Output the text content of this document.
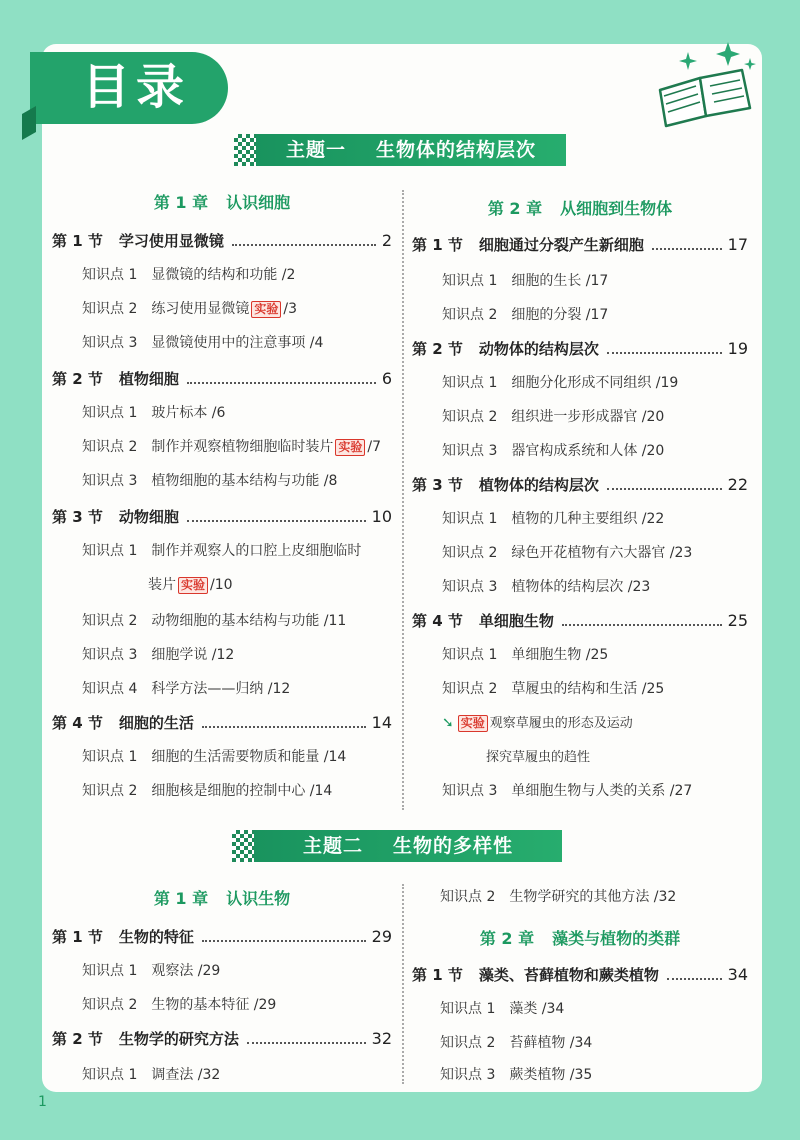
目录
主题一 生物体的结构层次
第 1 章 认识细胞
第 1 节 学习使用显微镜	2
知识点 1 显微镜的结构和功能 /2
知识点 2 练习使用显微镜 实验 /3
知识点 3 显微镜使用中的注意事项 /4
第 2 节 植物细胞	6
知识点 1 玻片标本 /6
知识点 2 制作并观察植物细胞临时装片 实验 /7
知识点 3 植物细胞的基本结构与功能 /8
第 3 节 动物细胞	10
知识点 1 制作并观察人的口腔上皮细胞临时
装片 实验 /10
知识点 2 动物细胞的基本结构与功能 /11
知识点 3 细胞学说 /12
知识点 4 科学方法——归纳 /12
第 4 节 细胞的生活	14
知识点 1 细胞的生活需要物质和能量 /14
知识点 2 细胞核是细胞的控制中心 /14
第 2 章 从细胞到生物体
第 1 节 细胞通过分裂产生新细胞	17
知识点 1 细胞的生长 /17
知识点 2 细胞的分裂 /17
第 2 节 动物体的结构层次	19
知识点 1 细胞分化形成不同组织 /19
知识点 2 组织进一步形成器官 /20
知识点 3 器官构成系统和人体 /20
第 3 节 植物体的结构层次	22
知识点 1 植物的几种主要组织 /22
知识点 2 绿色开花植物有六大器官 /23
知识点 3 植物体的结构层次 /23
第 4 节 单细胞生物	25
知识点 1 单细胞生物 /25
知识点 2 草履虫的结构和生活 /25
➘ 实验 观察草履虫的形态及运动
探究草履虫的趋性
知识点 3 单细胞生物与人类的关系 /27
主题二 生物的多样性
第 1 章 认识生物
第 1 节 生物的特征	29
知识点 1 观察法 /29
知识点 2 生物的基本特征 /29
第 2 节 生物学的研究方法	32
知识点 1 调查法 /32
知识点 2 生物学研究的其他方法 /32
第 2 章 藻类与植物的类群
第 1 节 藻类、苔藓植物和蕨类植物	34
知识点 1 藻类 /34
知识点 2 苔藓植物 /34
知识点 3 蕨类植物 /35
1
